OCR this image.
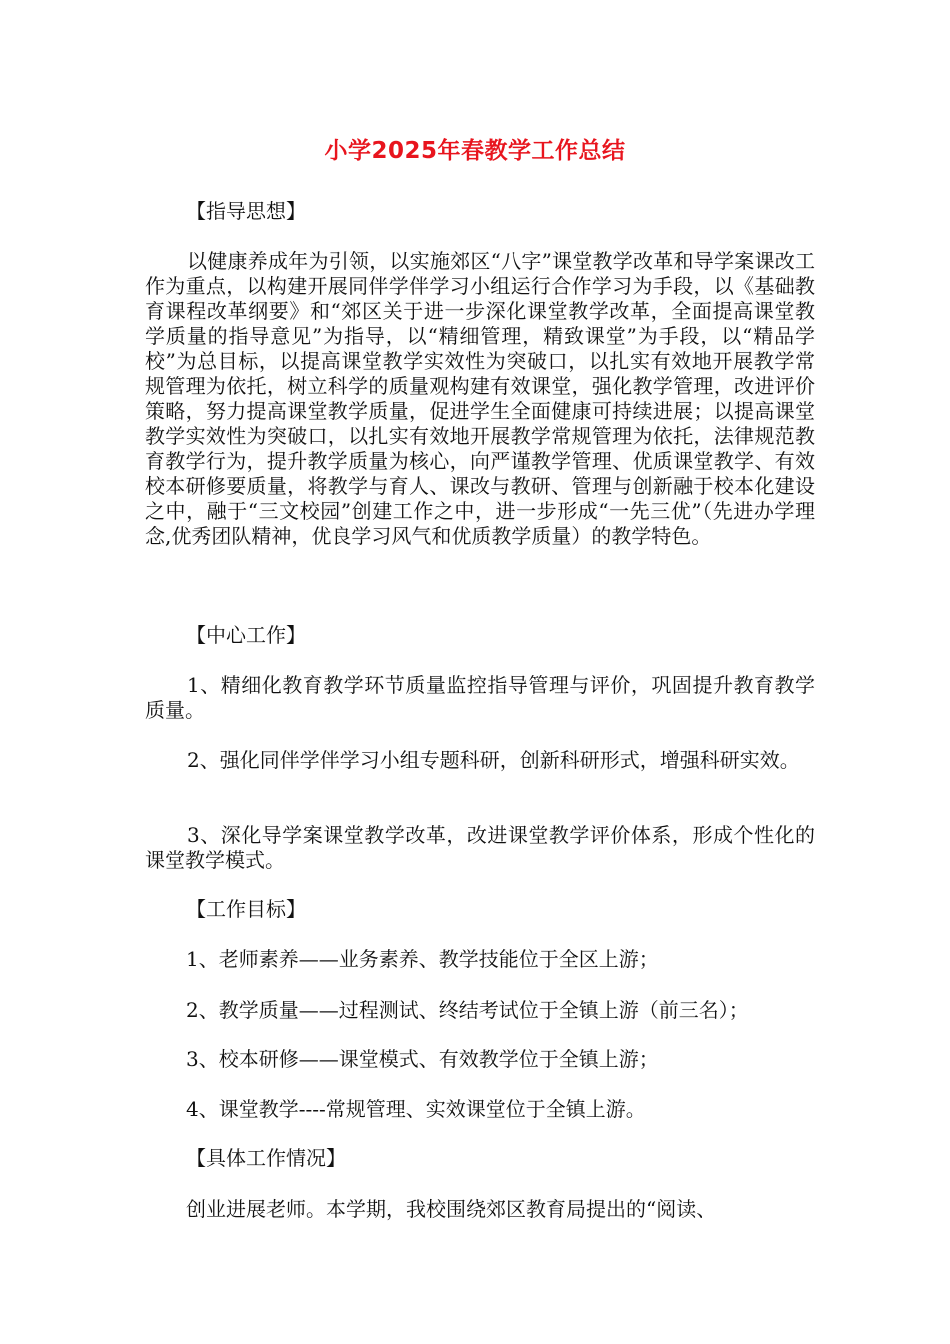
小学2025年春教学工作总结

【指导思想】

以健康养成年为引领，以实施郊区“八字”课堂教学改革和导学案课改工作为重点，以构建开展同伴学伴学习小组运行合作学习为手段，以《基础教育课程改革纲要》和“郊区关于进一步深化课堂教学改革，全面提高课堂教学质量的指导意见”为指导，以“精细管理，精致课堂”为手段，以“精品学校”为总目标，以提高课堂教学实效性为突破口，以扎实有效地开展教学常规管理为依托，树立科学的质量观构建有效课堂，强化教学管理，改进评价策略，努力提高课堂教学质量，促进学生全面健康可持续进展；以提高课堂教学实效性为突破口，以扎实有效地开展教学常规管理为依托，法律规范教育教学行为，提升教学质量为核心，向严谨教学管理、优质课堂教学、有效校本研修要质量，将教学与育人、课改与教研、管理与创新融于校本化建设之中，融于“三文校园”创建工作之中，进一步形成“一先三优”（先进办学理念,优秀团队精神，优良学习风气和优质教学质量）的教学特色。

【中心工作】

1、精细化教育教学环节质量监控指导管理与评价，巩固提升教育教学质量。

2、强化同伴学伴学习小组专题科研，创新科研形式，增强科研实效。

3、深化导学案课堂教学改革，改进课堂教学评价体系，形成个性化的课堂教学模式。

【工作目标】

1、老师素养——业务素养、教学技能位于全区上游；

2、教学质量——过程测试、终结考试位于全镇上游（前三名）；

3、校本研修——课堂模式、有效教学位于全镇上游；

4、课堂教学----常规管理、实效课堂位于全镇上游。

【具体工作情况】

创业进展老师。本学期，我校围绕郊区教育局提出的“阅读、
